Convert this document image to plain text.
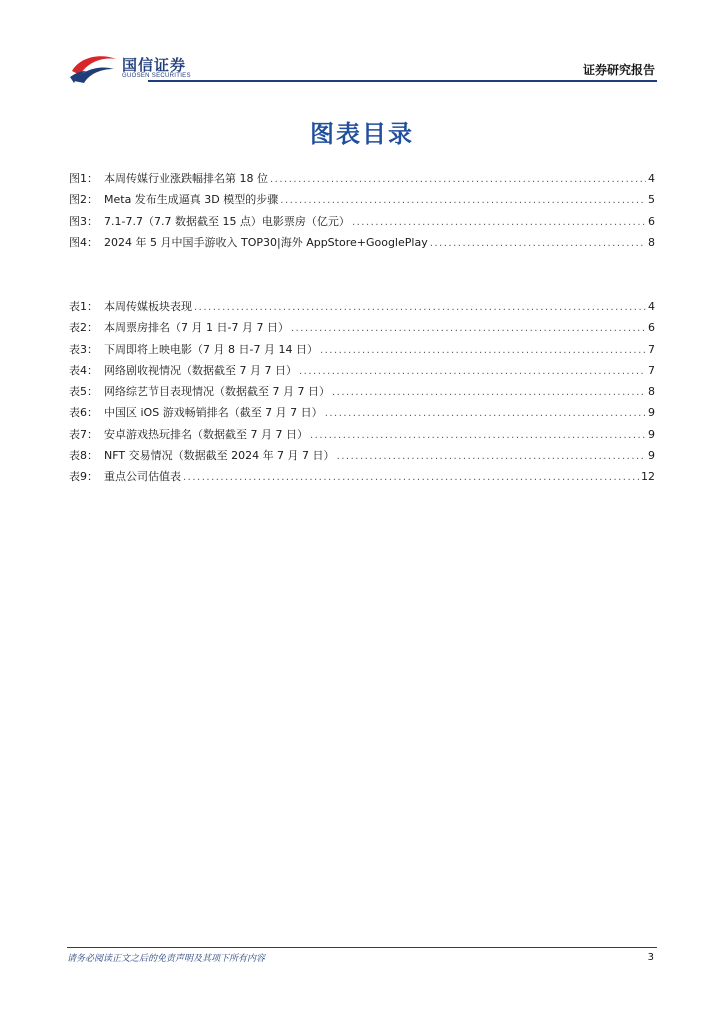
国信证券
GUOSEN SECURITIES	证券研究报告
图表目录
图1： 本周传媒行业涨跌幅排名第 18 位 .....	4
图2： Meta 发布生成逼真 3D 模型的步骤 .....	5
图3： 7.1-7.7（7.7 数据截至 15 点）电影票房（亿元） .....	6
图4： 2024 年 5 月中国手游收入 TOP30|海外 AppStore+GooglePlay .....	8
表1： 本周传媒板块表现 .....	4
表2： 本周票房排名（7 月 1 日-7 月 7 日） .....	6
表3： 下周即将上映电影（7 月 8 日-7 月 14 日） .....	7
表4： 网络剧收视情况（数据截至 7 月 7 日） .....	7
表5： 网络综艺节目表现情况（数据截至 7 月 7 日） .....	8
表6： 中国区 iOS 游戏畅销排名（截至 7 月 7 日） .....	9
表7： 安卓游戏热玩排名（数据截至 7 月 7 日） .....	9
表8： NFT 交易情况（数据截至 2024 年 7 月 7 日） .....	9
表9： 重点公司估值表 .....	12
请务必阅读正文之后的免责声明及其项下所有内容	3
